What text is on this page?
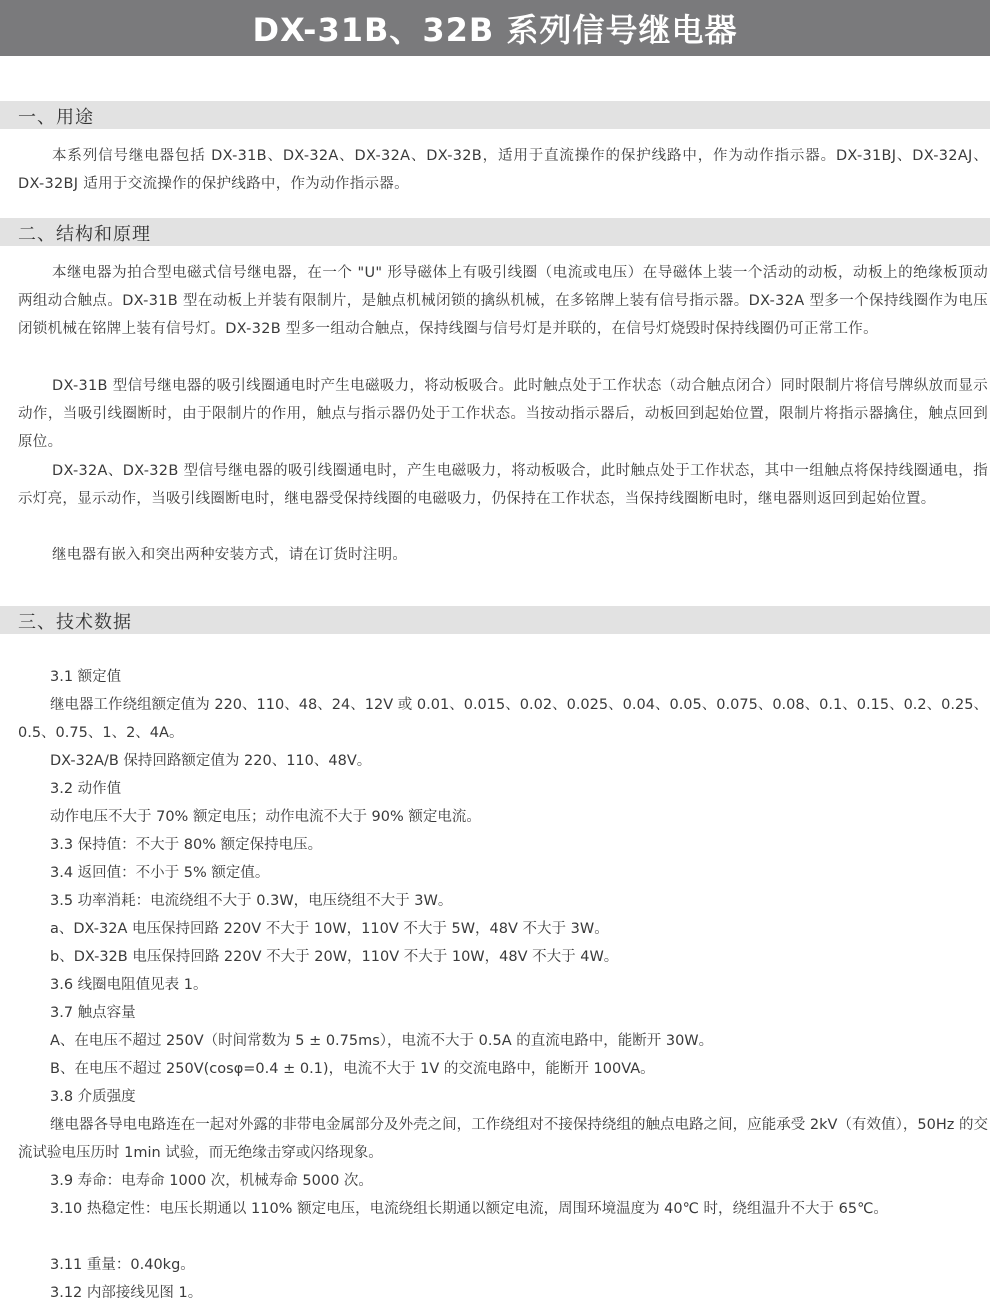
DX-31B、32B 系列信号继电器
一、用途
本系列信号继电器包括 DX-31B、DX-32A、DX-32A、DX-32B，适用于直流操作的保护线路中，作为动作指示器。DX-31BJ、DX-32AJ、DX-32BJ 适用于交流操作的保护线路中，作为动作指示器。
二、结构和原理
本继电器为拍合型电磁式信号继电器，在一个 "U" 形导磁体上有吸引线圈（电流或电压）在导磁体上装一个活动的动板，动板上的绝缘板顶动两组动合触点。DX-31B 型在动板上并装有限制片，是触点机械闭锁的擒纵机械，在多铭牌上装有信号指示器。DX-32A 型多一个保持线圈作为电压闭锁机械在铭牌上装有信号灯。DX-32B 型多一组动合触点，保持线圈与信号灯是并联的，在信号灯烧毁时保持线圈仍可正常工作。
DX-31B 型信号继电器的吸引线圈通电时产生电磁吸力，将动板吸合。此时触点处于工作状态（动合触点闭合）同时限制片将信号牌纵放而显示动作，当吸引线圈断时，由于限制片的作用，触点与指示器仍处于工作状态。当按动指示器后，动板回到起始位置，限制片将指示器擒住，触点回到原位。
DX-32A、DX-32B 型信号继电器的吸引线圈通电时，产生电磁吸力，将动板吸合，此时触点处于工作状态，其中一组触点将保持线圈通电，指示灯亮，显示动作，当吸引线圈断电时，继电器受保持线圈的电磁吸力，仍保持在工作状态，当保持线圈断电时，继电器则返回到起始位置。
继电器有嵌入和突出两种安装方式，请在订货时注明。
三、技术数据
3.1 额定值
继电器工作绕组额定值为 220、110、48、24、12V 或 0.01、0.015、0.02、0.025、0.04、0.05、0.075、0.08、0.1、0.15、0.2、0.25、0.5、0.75、1、2、4A。
DX-32A/B 保持回路额定值为 220、110、48V。
3.2 动作值
动作电压不大于 70% 额定电压；动作电流不大于 90% 额定电流。
3.3 保持值：不大于 80% 额定保持电压。
3.4 返回值：不小于 5% 额定值。
3.5 功率消耗：电流绕组不大于 0.3W，电压绕组不大于 3W。
a、DX-32A 电压保持回路 220V 不大于 10W，110V 不大于 5W，48V 不大于 3W。
b、DX-32B 电压保持回路 220V 不大于 20W，110V 不大于 10W，48V 不大于 4W。
3.6 线圈电阻值见表 1。
3.7 触点容量
A、在电压不超过 250V（时间常数为 5 ± 0.75ms），电流不大于 0.5A 的直流电路中，能断开 30W。
B、在电压不超过 250V(cosφ=0.4 ± 0.1)，电流不大于 1V 的交流电路中，能断开 100VA。
3.8 介质强度
继电器各导电电路连在一起对外露的非带电金属部分及外壳之间，工作绕组对不接保持绕组的触点电路之间，应能承受 2kV（有效值），50Hz 的交流试验电压历时 1min 试验，而无绝缘击穿或闪络现象。
3.9 寿命：电寿命 1000 次，机械寿命 5000 次。
3.10 热稳定性：电压长期通以 110% 额定电压，电流绕组长期通以额定电流，周围环境温度为 40℃ 时，绕组温升不大于 65℃。
3.11 重量：0.40kg。
3.12 内部接线见图 1。
